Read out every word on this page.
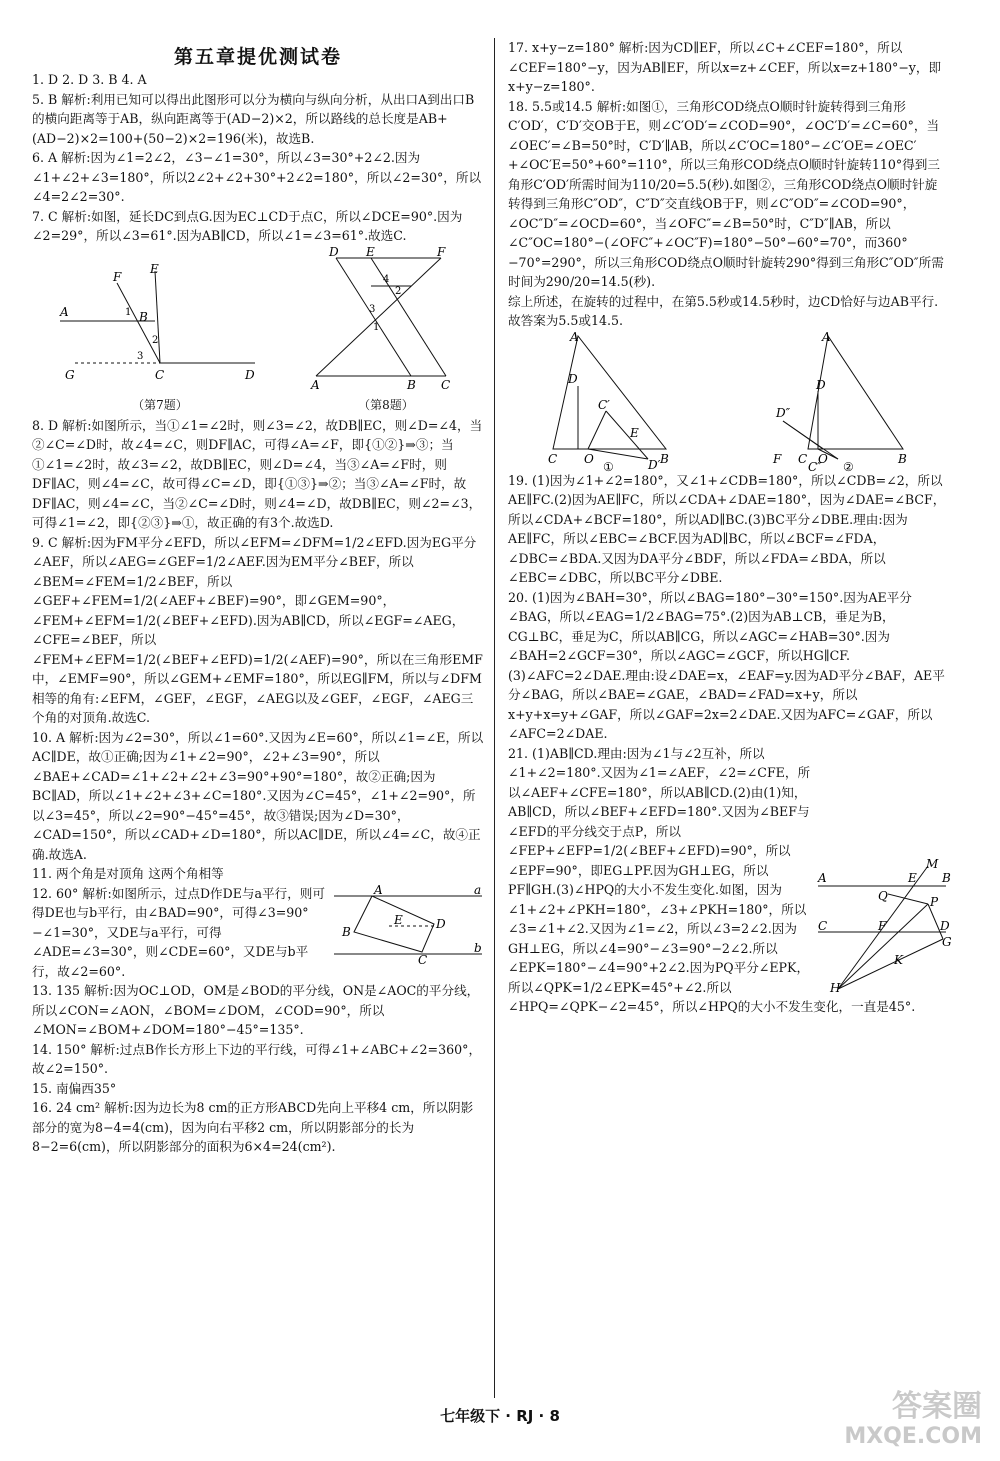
第五章提优测试卷

1. D 2. D 3. B 4. A

5. B 解析:利用已知可以得出此图形可以分为横向与纵向分析，从出口A到出口B的横向距离等于AB，纵向距离等于(AD−2)×2，所以路线的总长度是AB+(AD−2)×2=100+(50−2)×2=196(米)，故选B.

6. A 解析:因为∠1=2∠2，∠3−∠1=30°，所以∠3=30°+2∠2.因为∠1+∠2+∠3=180°，所以2∠2+∠2+30°+2∠2=180°，所以∠2=30°，所以∠4=2∠2=30°.

7. C 解析:如图，延长DC到点G.因为EC⊥CD于点C，所以∠DCE=90°.因为∠2=29°，所以∠3=61°.因为AB∥CD，所以∠1=∠3=61°.故选C.

A
F
E
B
G	C	D
1
2
3
（第7题）
D E	F
A	B C
4
2
3
1
（第8题）

8. D 解析:如图所示，当①∠1=∠2时，则∠3=∠2，故DB∥EC，则∠D=∠4，当②∠C=∠D时，故∠4=∠C，则DF∥AC，可得∠A=∠F，即{①②}⇒③；当①∠1=∠2时，故∠3=∠2，故DB∥EC，则∠D=∠4，当③∠A=∠F时，则DF∥AC，则∠4=∠C，故可得∠C=∠D，即{①③}⇒②；当③∠A=∠F时，故DF∥AC，则∠4=∠C，当②∠C=∠D时，则∠4=∠D，故DB∥EC，则∠2=∠3，可得∠1=∠2，即{②③}⇒①，故正确的有3个.故选D.

9. C 解析:因为FM平分∠EFD，所以∠EFM=∠DFM=1/2∠EFD.因为EG平分∠AEF，所以∠AEG=∠GEF=1/2∠AEF.因为EM平分∠BEF，所以∠BEM=∠FEM=1/2∠BEF，所以∠GEF+∠FEM=1/2(∠AEF+∠BEF)=90°，即∠GEM=90°，∠FEM+∠EFM=1/2(∠BEF+∠EFD).因为AB∥CD，所以∠EGF=∠AEG，∠CFE=∠BEF，所以∠FEM+∠EFM=1/2(∠BEF+∠EFD)=1/2(∠AEF)=90°，所以在三角形EMF中，∠EMF=90°，所以∠GEM+∠EMF=180°，所以EG∥FM，所以与∠DFM相等的角有:∠EFM，∠GEF，∠EGF，∠AEG以及∠GEF，∠EGF，∠AEG三个角的对顶角.故选C.

10. A 解析:因为∠2=30°，所以∠1=60°.又因为∠E=60°，所以∠1=∠E，所以AC∥DE，故①正确;因为∠1+∠2=90°，∠2+∠3=90°，所以∠BAE+∠CAD=∠1+∠2+∠2+∠3=90°+90°=180°，故②正确;因为BC∥AD，所以∠1+∠2+∠3+∠C=180°.又因为∠C=45°，∠1+∠2=90°，所以∠3=45°，所以∠2=90°−45°=45°，故③错误;因为∠D=30°，∠CAD=150°，所以∠CAD+∠D=180°，所以AC∥DE，所以∠4=∠C，故④正确.故选A.

11. 两个角是对顶角 这两个角相等

A	a
B
E	D
C
b

12. 60° 解析:如图所示，过点D作DE与a平行，则可得DE也与b平行，由∠BAD=90°，可得∠3=90°−∠1=30°，又DE与a平行，可得∠ADE=∠3=30°，则∠CDE=60°，又DE与b平行，故∠2=60°.

13. 135 解析:因为OC⊥OD，OM是∠BOD的平分线，ON是∠AOC的平分线，所以∠CON=∠AON，∠BOM=∠DOM，∠COD=90°，所以∠MON=∠BOM+∠DOM=180°−45°=135°.

14. 150° 解析:过点B作长方形上下边的平行线，可得∠1+∠ABC+∠2=360°，故∠2=150°.

15. 南偏西35°

16. 24 cm² 解析:因为边长为8 cm的正方形ABCD先向上平移4 cm，所以阴影部分的宽为8−4=4(cm)，因为向右平移2 cm，所以阴影部分的长为8−2=6(cm)，所以阴影部分的面积为6×4=24(cm²).

17. x+y−z=180° 解析:因为CD∥EF，所以∠C+∠CEF=180°，所以∠CEF=180°−y，因为AB∥EF，所以x=z+∠CEF，所以x=z+180°−y，即x+y−z=180°.

18. 5.5或14.5 解析:如图①，三角形COD绕点O顺时针旋转得到三角形C′OD′，C′D′交OB于E，则∠C′OD′=∠COD=90°，∠OC′D′=∠C=60°，当∠OEC′=∠B=50°时，C′D′∥AB，所以∠C′OC=180°−∠C′OE=∠OEC′+∠OC′E=50°+60°=110°，所以三角形COD绕点O顺时针旋转110°得到三角形C′OD′所需时间为110/20=5.5(秒).如图②，三角形COD绕点O顺时针旋转得到三角形C″OD″，C″D″交直线OB于F，则∠C″OD″=∠COD=90°，∠OC″D″=∠OCD=60°，当∠OFC″=∠B=50°时，C″D″∥AB，所以∠C″OC=180°−(∠OFC″+∠OC″F)=180°−50°−60°=70°，而360°−70°=290°，所以三角形COD绕点O顺时针旋转290°得到三角形C″OD″所需时间为290/20=14.5(秒).

综上所述，在旋转的过程中，在第5.5秒或14.5秒时，边CD恰好与边AB平行.故答案为5.5或14.5.

A
C O	B
D
C′
E
D′
①
A
D″
D
F C O	B
C″ ②

19. (1)因为∠1+∠2=180°，又∠1+∠CDB=180°，所以∠CDB=∠2，所以AE∥FC.(2)因为AE∥FC，所以∠CDA+∠DAE=180°，因为∠DAE=∠BCF，所以∠CDA+∠BCF=180°，所以AD∥BC.(3)BC平分∠DBE.理由:因为AE∥FC，所以∠EBC=∠BCF.因为AD∥BC，所以∠BCF=∠FDA，∠DBC=∠BDA.又因为DA平分∠BDF，所以∠FDA=∠BDA，所以∠EBC=∠DBC，所以BC平分∠DBE.

20. (1)因为∠BAH=30°，所以∠BAG=180°−30°=150°.因为AE平分∠BAG，所以∠EAG=1/2∠BAG=75°.(2)因为AB⊥CB，垂足为B，CG⊥BC，垂足为C，所以AB∥CG，所以∠AGC=∠HAB=30°.因为∠BAH=2∠GCF=30°，所以∠AGC=∠GCF，所以HG∥CF.(3)∠AFC=2∠DAE.理由:设∠DAE=x，∠EAF=y.因为AD平分∠BAF，AE平分∠BAG，所以∠BAE=∠GAE，∠BAD=∠FAD=x+y，所以x+y+x=y+∠GAF，所以∠GAF=2x=2∠DAE.又因为AFC=∠GAF，所以∠AFC=2∠DAE.

A	B
M
E
Q	P
C	F	D
G
K
H

21. (1)AB∥CD.理由:因为∠1与∠2互补，所以∠1+∠2=180°.又因为∠1=∠AEF，∠2=∠CFE，所以∠AEF+∠CFE=180°，所以AB∥CD.(2)由(1)知，AB∥CD，所以∠BEF+∠EFD=180°.又因为∠BEF与∠EFD的平分线交于点P，所以∠FEP+∠EFP=1/2(∠BEF+∠EFD)=90°，所以∠EPF=90°，即EG⊥PF.因为GH⊥EG，所以PF∥GH.(3)∠HPQ的大小不发生变化.如图，因为∠1+∠2+∠PKH=180°，∠3+∠PKH=180°，所以∠3=∠1+∠2.又因为∠1=∠2，所以∠3=2∠2.因为GH⊥EG，所以∠4=90°−∠3=90°−2∠2.所以∠EPK=180°−∠4=90°+2∠2.因为PQ平分∠EPK，所以∠QPK=1/2∠EPK=45°+∠2.所以∠HPQ=∠QPK−∠2=45°，所以∠HPQ的大小不发生变化，一直是45°.

七年级下 · RJ · 8	答案圈
MXQE.COM
